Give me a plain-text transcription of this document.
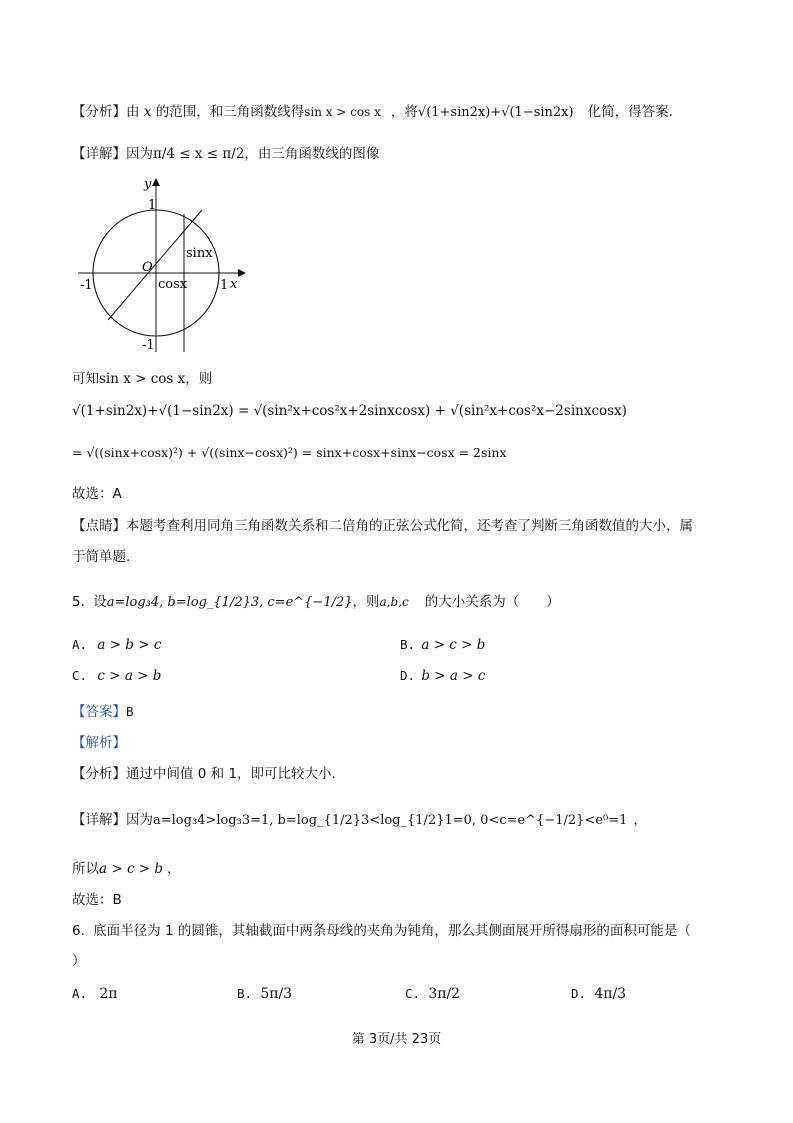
【分析】由 x 的范围，和三角函数线得sin x > cos x ，将√(1+sin2x)+√(1−sin2x) 化简，得答案.
【详解】因为π/4 ≤ x ≤ π/2，由三角函数线的图像
y
x
O
1
-1
-1	1
sinx
cosx
可知sin x > cos x，则
√(1+sin2x)+√(1−sin2x) = √(sin²x+cos²x+2sinxcosx) + √(sin²x+cos²x−2sinxcosx)
= √((sinx+cosx)²) + √((sinx−cosx)²) = sinx+cosx+sinx−cosx = 2sinx
故选：A
【点睛】本题考查利用同角三角函数关系和二倍角的正弦公式化简，还考查了判断三角函数值的大小，属
于简单题.
5. 设a=log₃4, b=log_{1/2}3, c=e^{−1/2}，则a,b,c 的大小关系为（　　）
A. a > b > c	B. a > c > b
C. c > a > b	D. b > a > c
【答案】B
【解析】
【分析】通过中间值 0 和 1，即可比较大小.
【详解】因为a=log₃4>log₃3=1, b=log_{1/2}3<log_{1/2}1=0, 0<c=e^{−1/2}<e⁰=1 ，
所以a > c > b ，
故选：B
6. 底面半径为 1 的圆锥，其轴截面中两条母线的夹角为钝角，那么其侧面展开所得扇形的面积可能是（
）
A. 2π	B. 5π/3	C. 3π/2	D. 4π/3
第 3页/共 23页
